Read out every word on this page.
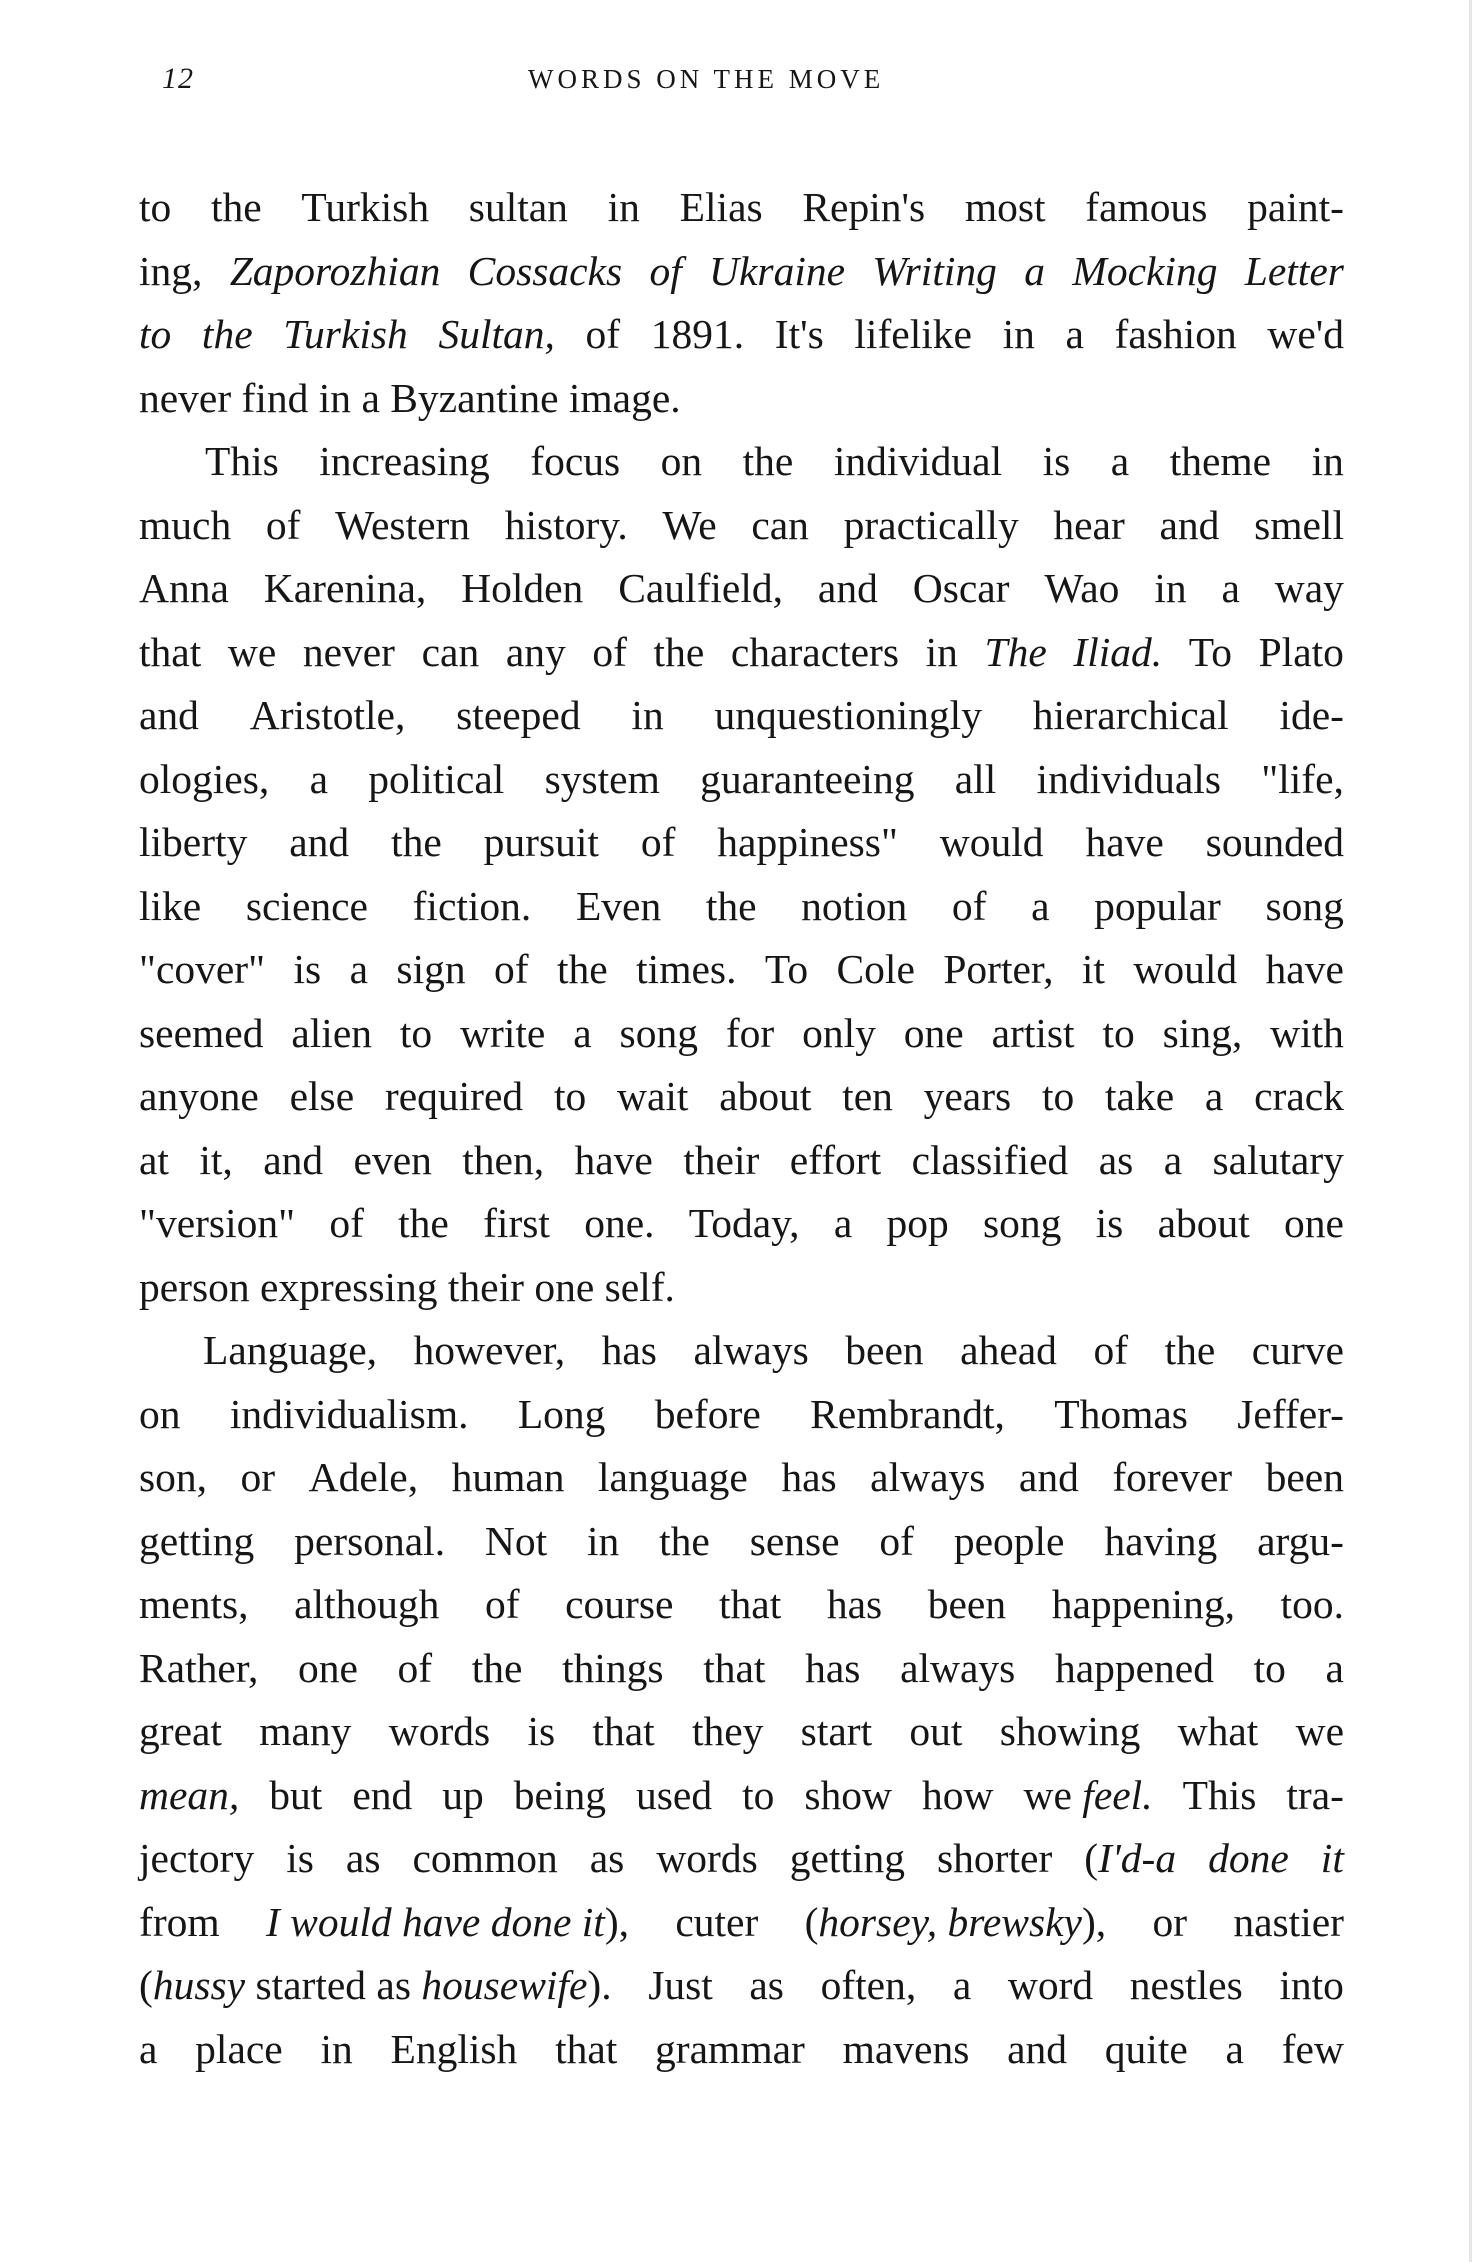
12	WORDS ON THE MOVE
to the Turkish sultan in Elias Repin's most famous paint-
ing, Zaporozhian Cossacks of Ukraine Writing a Mocking Letter
to the Turkish Sultan, of 1891. It's lifelike in a fashion we'd
never
find
in
a
Byzantine
image.
This increasing focus on the individual is a theme in
much of Western history. We can practically hear and smell
Anna Karenina, Holden Caulfield, and Oscar Wao in a way
that we never can any of the characters in The Iliad. To Plato
and Aristotle, steeped in unquestioningly hierarchical ide-
ologies, a political system guaranteeing all individuals "life,
liberty and the pursuit of happiness" would have sounded
like science fiction. Even the notion of a popular song
"cover" is a sign of the times. To Cole Porter, it would have
seemed alien to write a song for only one artist to sing, with
anyone else required to wait about ten years to take a crack
at it, and even then, have their effort classified as a salutary
"version" of the first one. Today, a pop song is about one
person
expressing
their
one
self.
Language, however, has always been ahead of the curve
on individualism. Long before Rembrandt, Thomas Jeffer-
son, or Adele, human language has always and forever been
getting personal. Not in the sense of people having argu-
ments, although of course that has been happening, too.
Rather, one of the things that has always happened to a
great many words is that they start out showing what we
mean, but end up being used to show how we feel. This tra-
jectory is as common as words getting shorter (I'd-a done it
from I would have done it), cuter (horsey, brewsky), or nastier
(hussy started as housewife). Just as often, a word nestles into
a place in English that grammar mavens and quite a few
